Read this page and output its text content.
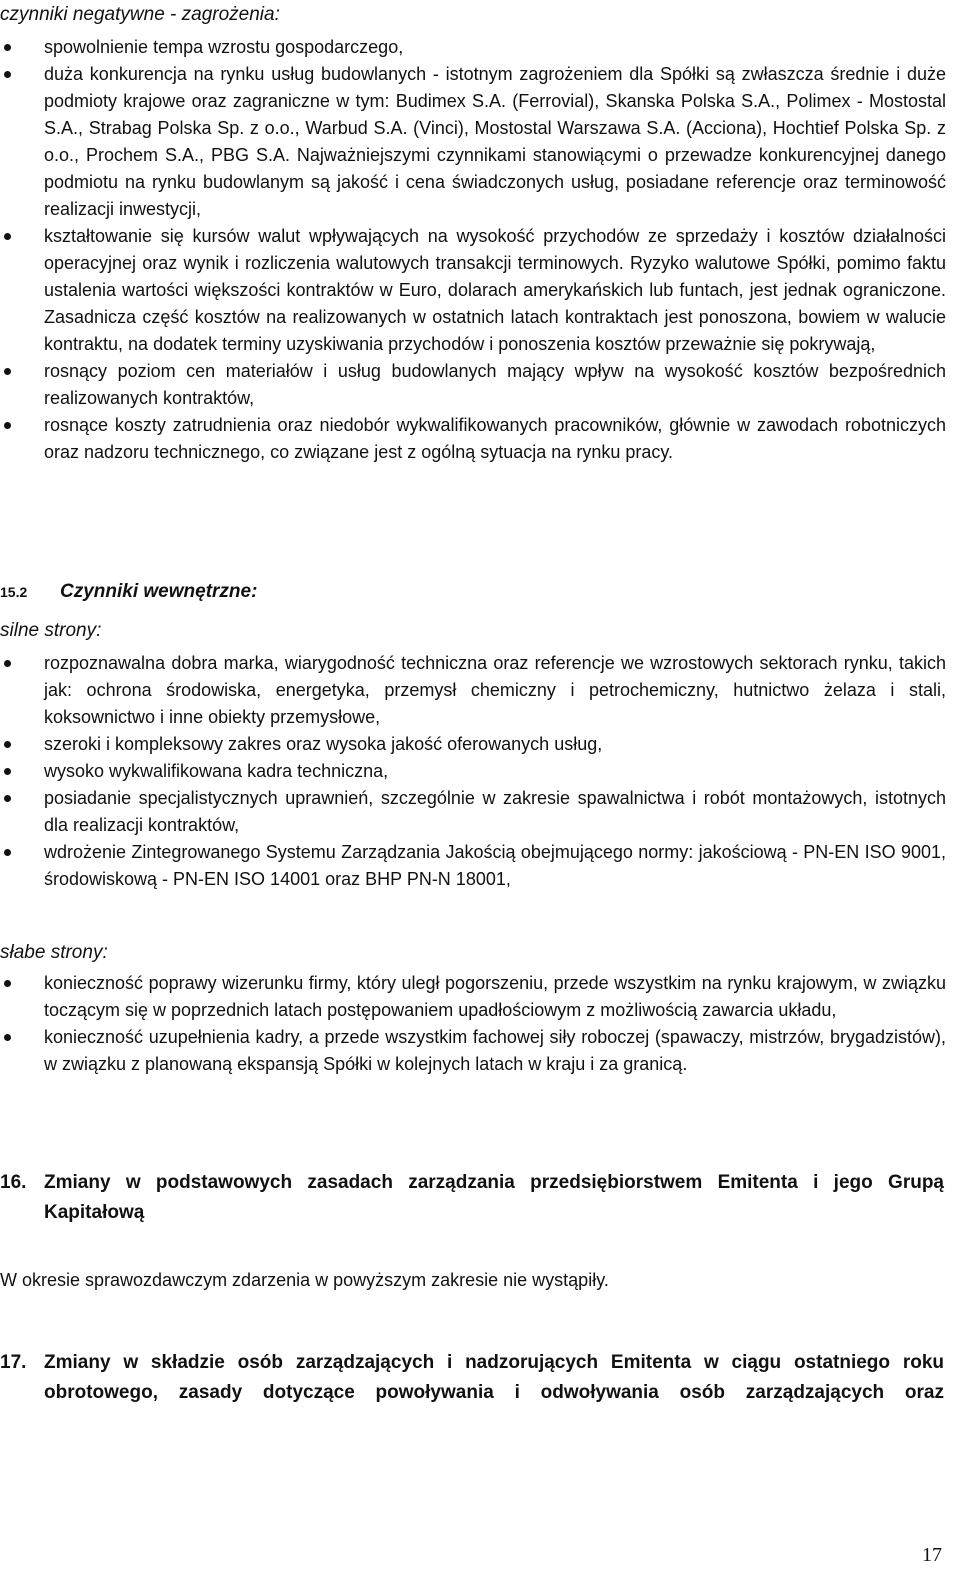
czynniki negatywne - zagrożenia:
spowolnienie tempa wzrostu gospodarczego,
duża konkurencja na rynku usług budowlanych - istotnym zagrożeniem dla Spółki są zwłaszcza średnie i duże podmioty krajowe oraz zagraniczne w tym: Budimex S.A. (Ferrovial), Skanska Polska S.A., Polimex - Mostostal S.A., Strabag Polska Sp. z o.o., Warbud S.A. (Vinci), Mostostal Warszawa S.A. (Acciona), Hochtief Polska Sp. z o.o., Prochem S.A., PBG S.A. Najważniejszymi czynnikami stanowiącymi o przewadze konkurencyjnej danego podmiotu na rynku budowlanym są jakość i cena świadczonych usług, posiadane referencje oraz terminowość realizacji inwestycji,
kształtowanie się kursów walut wpływających na wysokość przychodów ze sprzedaży i kosztów działalności operacyjnej oraz wynik i rozliczenia walutowych transakcji terminowych. Ryzyko walutowe Spółki, pomimo faktu ustalenia wartości większości kontraktów w Euro, dolarach amerykańskich lub funtach, jest jednak ograniczone. Zasadnicza część kosztów na realizowanych w ostatnich latach kontraktach jest ponoszona, bowiem w walucie kontraktu, na dodatek terminy uzyskiwania przychodów i ponoszenia kosztów przeważnie się pokrywają,
rosnący poziom cen materiałów i usług budowlanych mający wpływ na wysokość kosztów bezpośrednich realizowanych kontraktów,
rosnące koszty zatrudnienia oraz niedobór wykwalifikowanych pracowników, głównie w zawodach robotniczych oraz nadzoru technicznego, co związane jest z ogólną sytuacja na rynku pracy.
15.2 Czynniki wewnętrzne:
silne strony:
rozpoznawalna dobra marka, wiarygodność techniczna oraz referencje we wzrostowych sektorach rynku, takich jak: ochrona środowiska, energetyka, przemysł chemiczny i petrochemiczny, hutnictwo żelaza i stali, koksownictwo i inne obiekty przemysłowe,
szeroki i kompleksowy zakres oraz wysoka jakość oferowanych usług,
wysoko wykwalifikowana kadra techniczna,
posiadanie specjalistycznych uprawnień, szczególnie w zakresie spawalnictwa i robót montażowych, istotnych dla realizacji kontraktów,
wdrożenie Zintegrowanego Systemu Zarządzania Jakością obejmującego normy: jakościową - PN-EN ISO 9001, środowiskową - PN-EN ISO 14001 oraz BHP PN-N 18001,
słabe strony:
konieczność poprawy wizerunku firmy, który uległ pogorszeniu, przede wszystkim na rynku krajowym, w związku toczącym się w poprzednich latach postępowaniem upadłościowym z możliwością zawarcia układu,
konieczność uzupełnienia kadry, a przede wszystkim fachowej siły roboczej (spawaczy, mistrzów, brygadzistów), w związku z planowaną ekspansją Spółki w kolejnych latach w kraju i za granicą.
16. Zmiany w podstawowych zasadach zarządzania przedsiębiorstwem Emitenta i jego Grupą Kapitałową
W okresie sprawozdawczym zdarzenia w powyższym zakresie nie wystąpiły.
17. Zmiany w składzie osób zarządzających i nadzorujących Emitenta w ciągu ostatniego roku obrotowego, zasady dotyczące powoływania i odwoływania osób zarządzających oraz
17
